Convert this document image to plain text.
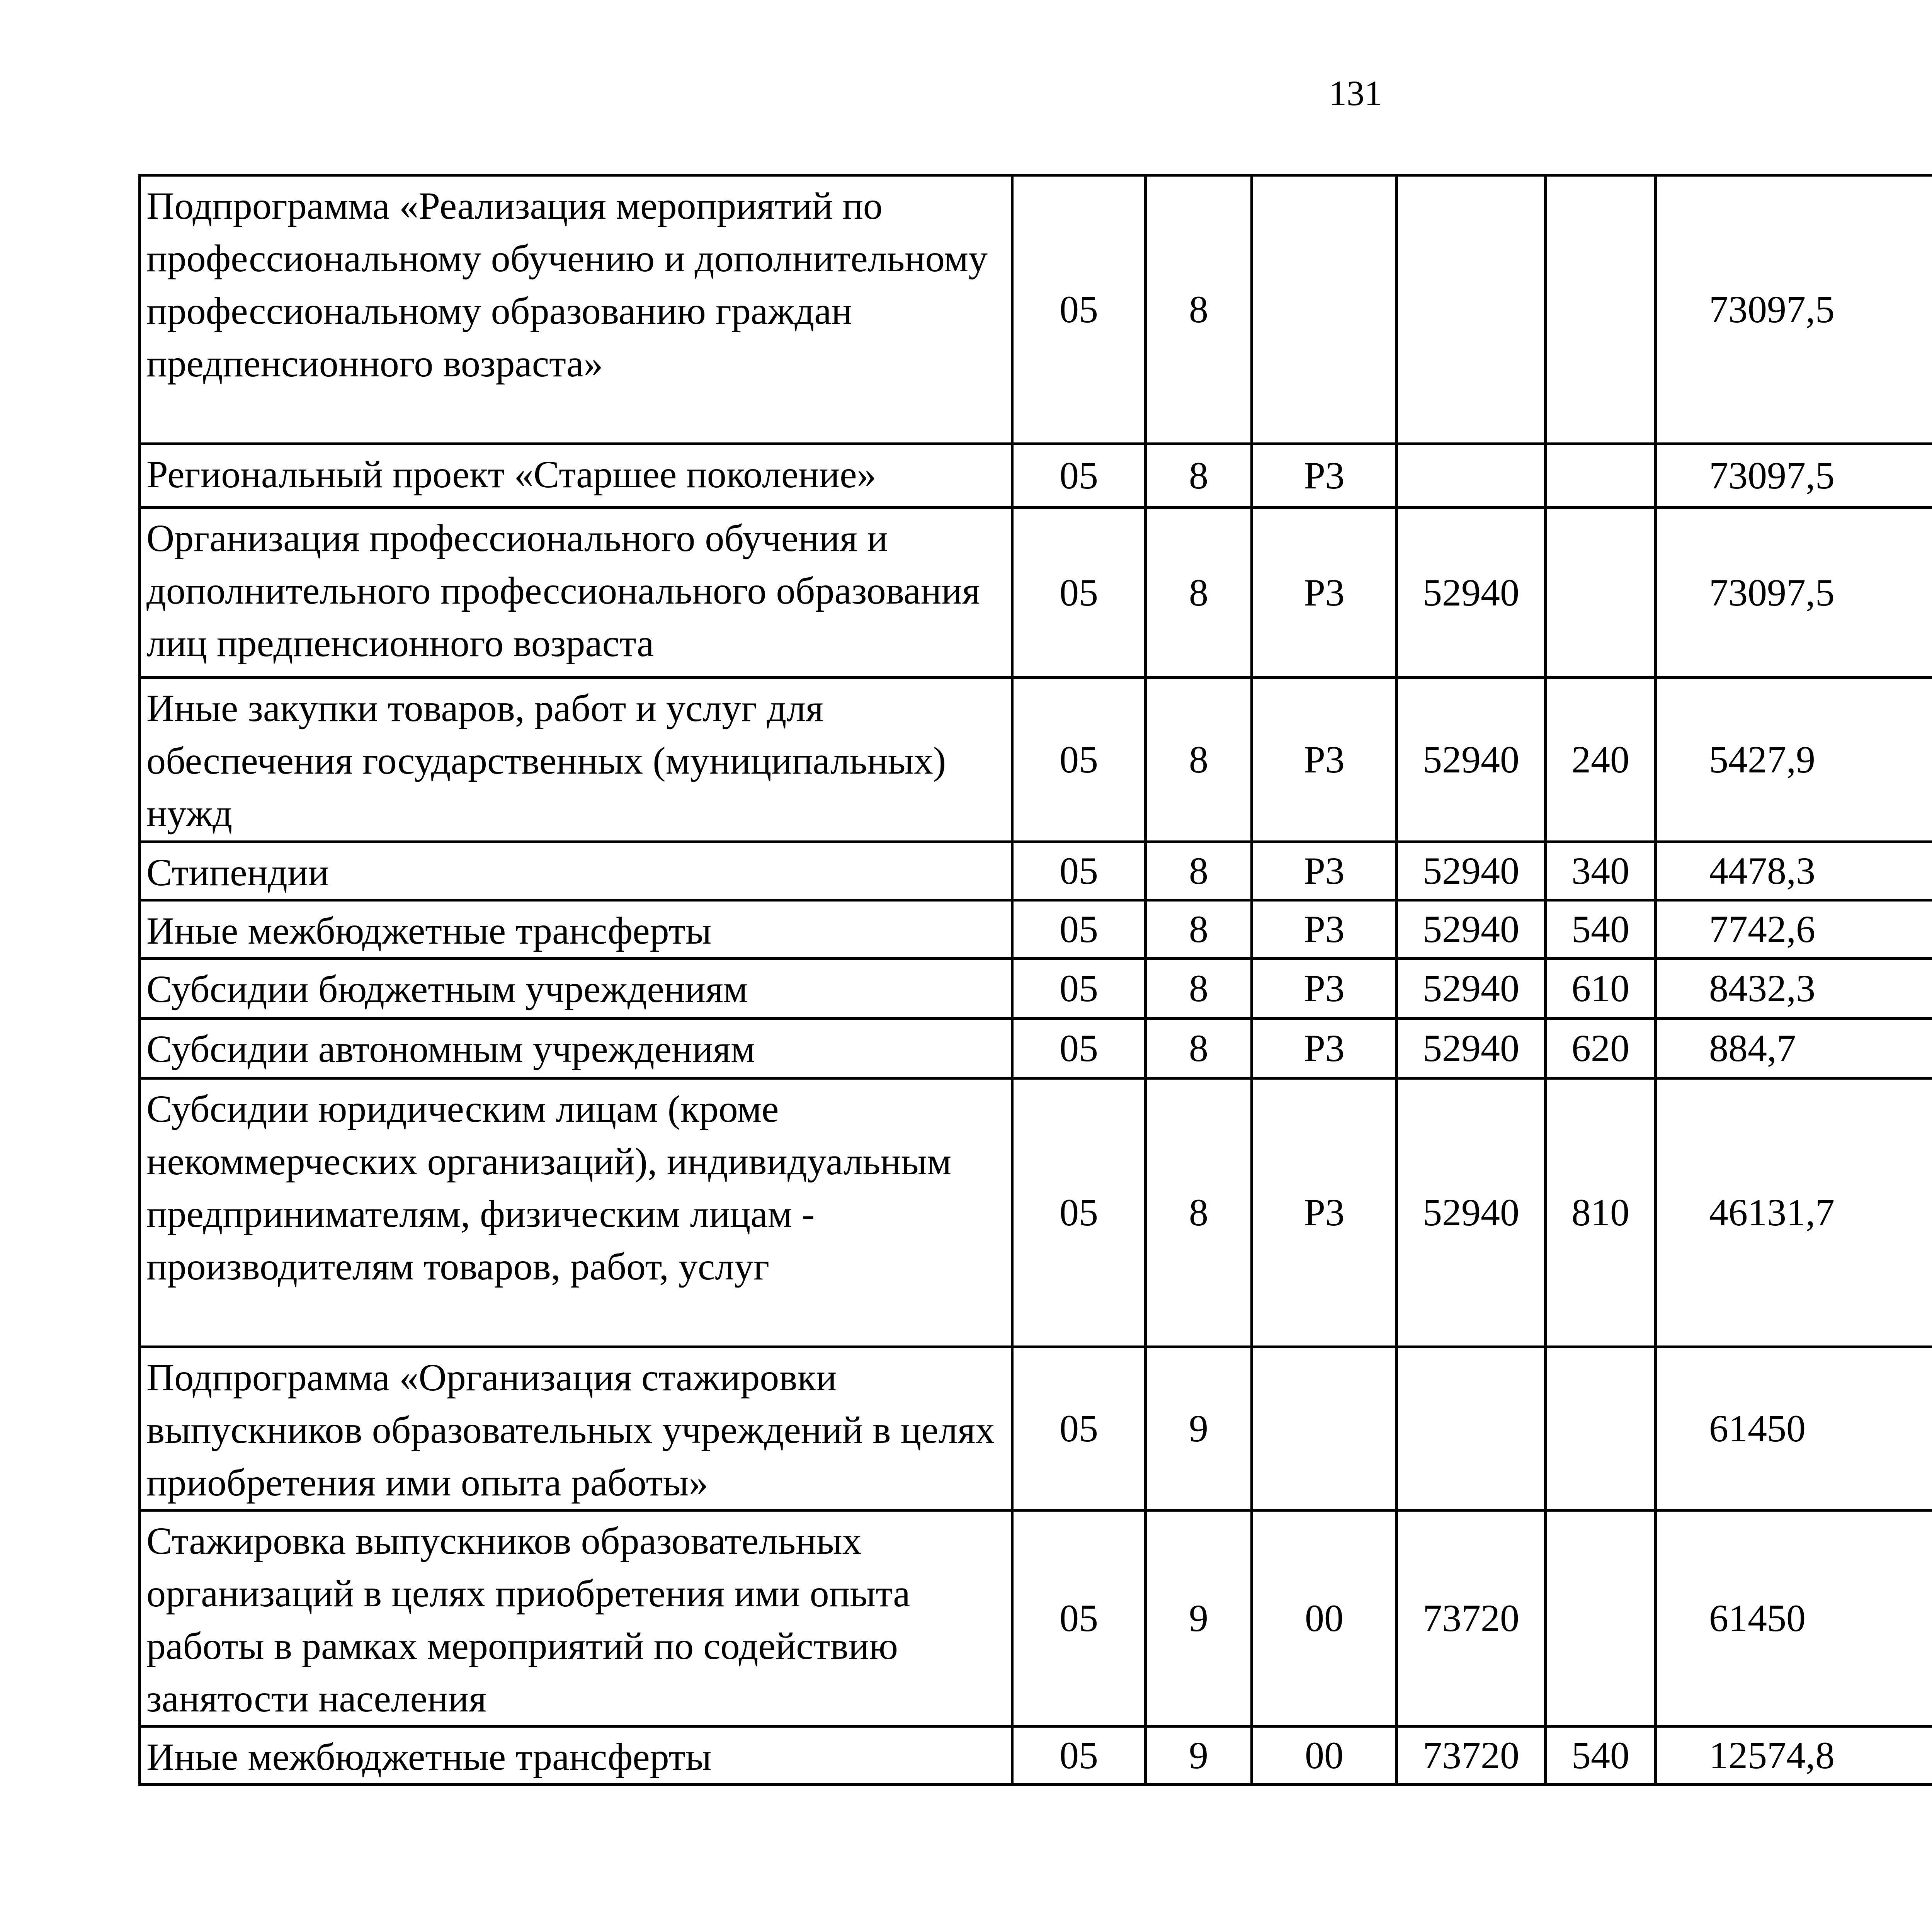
131
Подпрограмма «Реализация мероприятий по профессиональному обучению и дополнительному профессиональному образованию граждан предпенсионного возраста»	05	8				73097,5		
Региональный проект «Старшее поколение»	05	8	Р3			73097,5		
Организация профессионального обучения и дополнительного профессионального образования лиц предпенсионного возраста	05	8	Р3	52940		73097,5		
Иные закупки товаров, работ и услуг для обеспечения государственных (муниципальных) нужд	05	8	Р3	52940	240	5427,9		
Стипендии	05	8	Р3	52940	340	4478,3		
Иные межбюджетные трансферты	05	8	Р3	52940	540	7742,6		
Субсидии бюджетным учреждениям	05	8	Р3	52940	610	8432,3		
Субсидии автономным учреждениям	05	8	Р3	52940	620	884,7		
Субсидии юридическим лицам (кроме некоммерческих организаций), индивидуальным предпринимателям, физическим лицам - производителям товаров, работ, услуг	05	8	Р3	52940	810	46131,7		
Подпрограмма «Организация стажировки выпускников образовательных учреждений в целях приобретения ими опыта работы»	05	9				61450		
Стажировка выпускников образовательных организаций в целях приобретения ими опыта работы в рамках мероприятий по содействию занятости населения	05	9	00	73720		61450		
Иные межбюджетные трансферты	05	9	00	73720	540	12574,8		
